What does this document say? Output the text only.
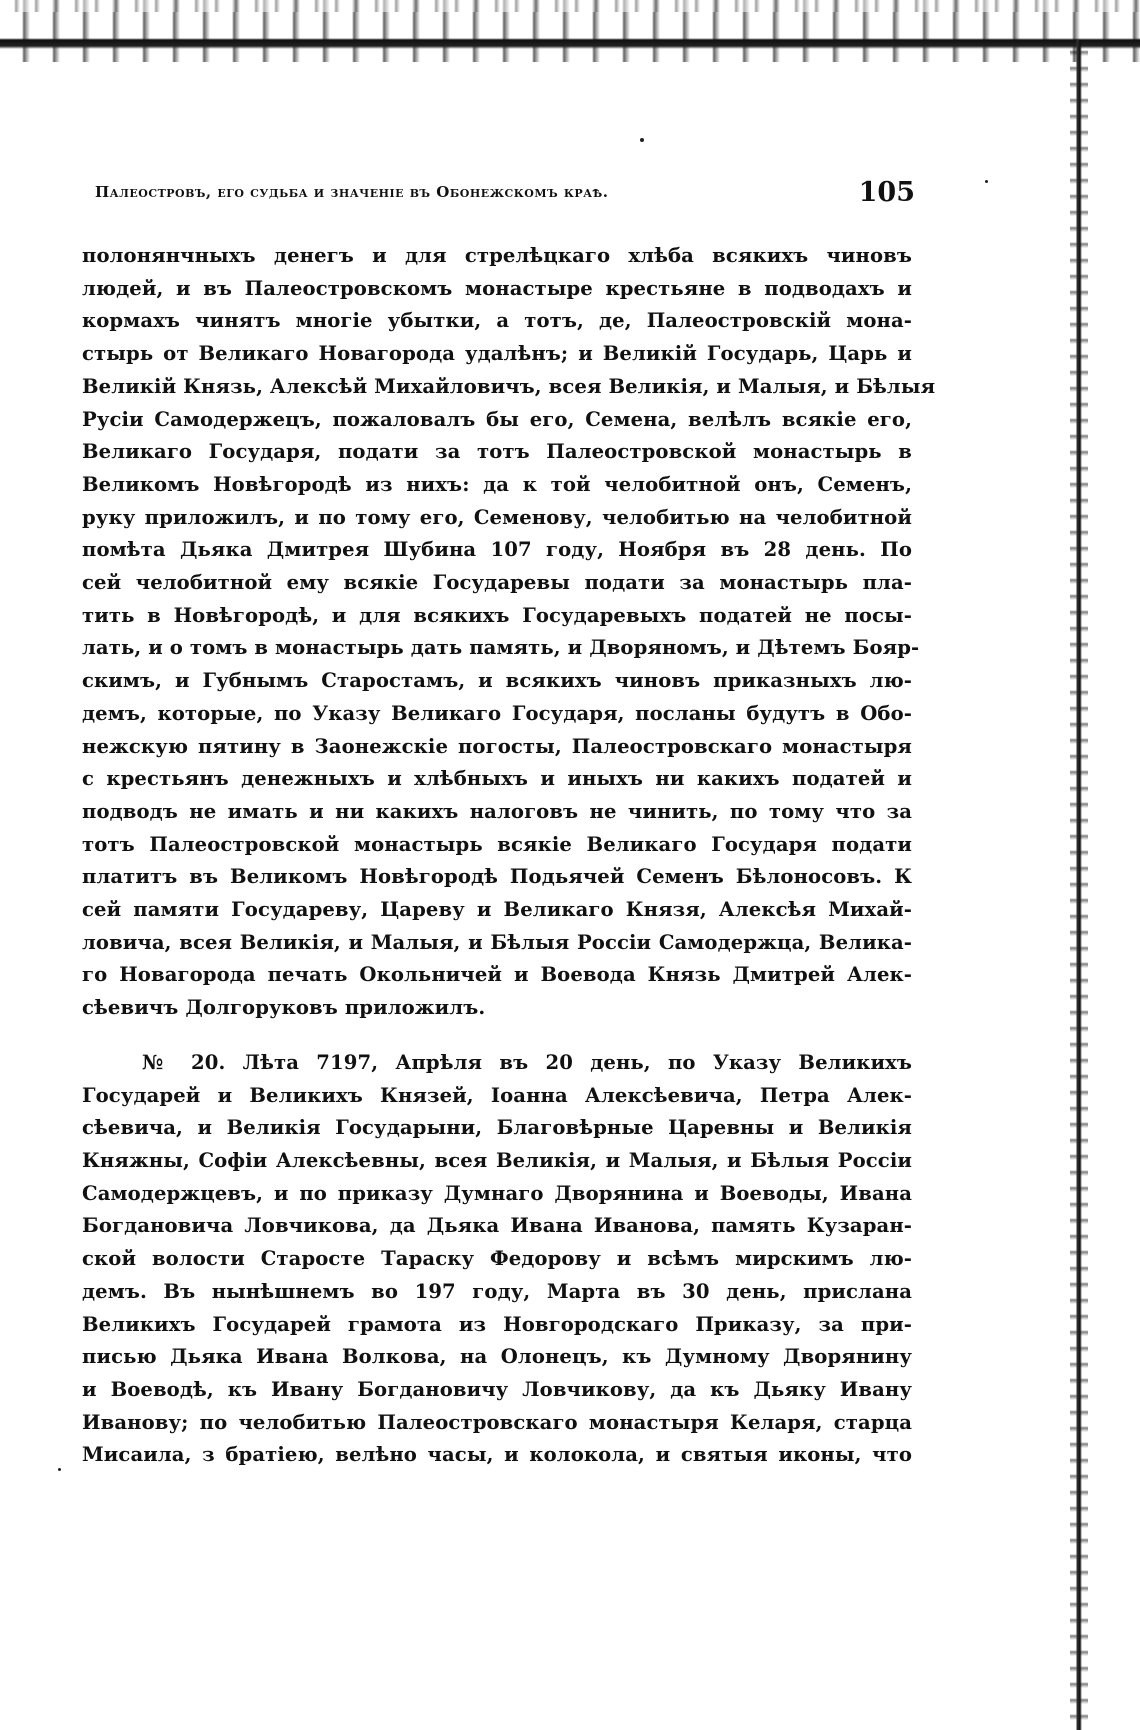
Палеостровъ, его судьба и значеніе въ Обонежскомъ краѣ.	105
полонянчныхъ денегъ и для стрелѣцкаго хлѣба всякихъ чиновъ
людей, и въ Палеостровскомъ монастыре крестьяне в подводахъ и
кормахъ чинятъ многіе убытки, а тотъ, де, Палеостровскій мона-
стырь от Великаго Новагорода удалѣнъ; и Великій Государь, Царь и
Великій Князь, Алексѣй Михайловичъ, всея Великія, и Малыя, и Бѣлыя
Русіи Самодержецъ, пожаловалъ бы его, Семена, велѣлъ всякіе его,
Великаго Государя, подати за тотъ Палеостровской монастырь в
Великомъ Новѣгородѣ из нихъ: да к той челобитной онъ, Семенъ,
руку приложилъ, и по тому его, Семенову, челобитью на челобитной
помѣта Дьяка Дмитрея Шубина 107 году, Ноября въ 28 день. По
сей челобитной ему всякіе Государевы подати за монастырь пла-
тить в Новѣгородѣ, и для всякихъ Государевыхъ податей не посы-
лать, и о томъ в монастырь дать память, и Дворяномъ, и Дѣтемъ Бояр-
скимъ, и Губнымъ Старостамъ, и всякихъ чиновъ приказныхъ лю-
демъ, которые, по Указу Великаго Государя, посланы будутъ в Обо-
нежскую пятину в Заонежскіе погосты, Палеостровскаго монастыря
с крестьянъ денежныхъ и хлѣбныхъ и иныхъ ни какихъ податей и
подводъ не имать и ни какихъ налоговъ не чинить, по тому что за
тотъ Палеостровской монастырь всякіе Великаго Государя подати
платитъ въ Великомъ Новѣгородѣ Подьячей Семенъ Бѣлоносовъ. К
сей памяти Государеву, Цареву и Великаго Князя, Алексѣя Михай-
ловича, всея Великія, и Малыя, и Бѣлыя Россіи Самодержца, Велика-
го Новагорода печать Окольничей и Воевода Князь Дмитрей Алек-
сѣевичъ Долгоруковъ приложилъ.
№ 20. Лѣта 7197, Апрѣля въ 20 день, по Указу Великихъ
Государей и Великихъ Князей, Іоанна Алексѣевича, Петра Алек-
сѣевича, и Великія Государыни, Благовѣрные Царевны и Великія
Княжны, Софіи Алексѣевны, всея Великія, и Малыя, и Бѣлыя Россіи
Самодержцевъ, и по приказу Думнаго Дворянина и Воеводы, Ивана
Богдановича Ловчикова, да Дьяка Ивана Иванова, память Кузаран-
ской волости Старосте Тараску Федорову и всѣмъ мирскимъ лю-
демъ. Въ нынѣшнемъ во 197 году, Марта въ 30 день, прислана
Великихъ Государей грамота из Новгородскаго Приказу, за при-
писью Дьяка Ивана Волкова, на Олонецъ, къ Думному Дворянину
и Воеводѣ, къ Ивану Богдановичу Ловчикову, да къ Дьяку Ивану
Иванову; по челобитью Палеостровскаго монастыря Келаря, старца
Мисаила, з братіею, велѣно часы, и колокола, и святыя иконы, что
